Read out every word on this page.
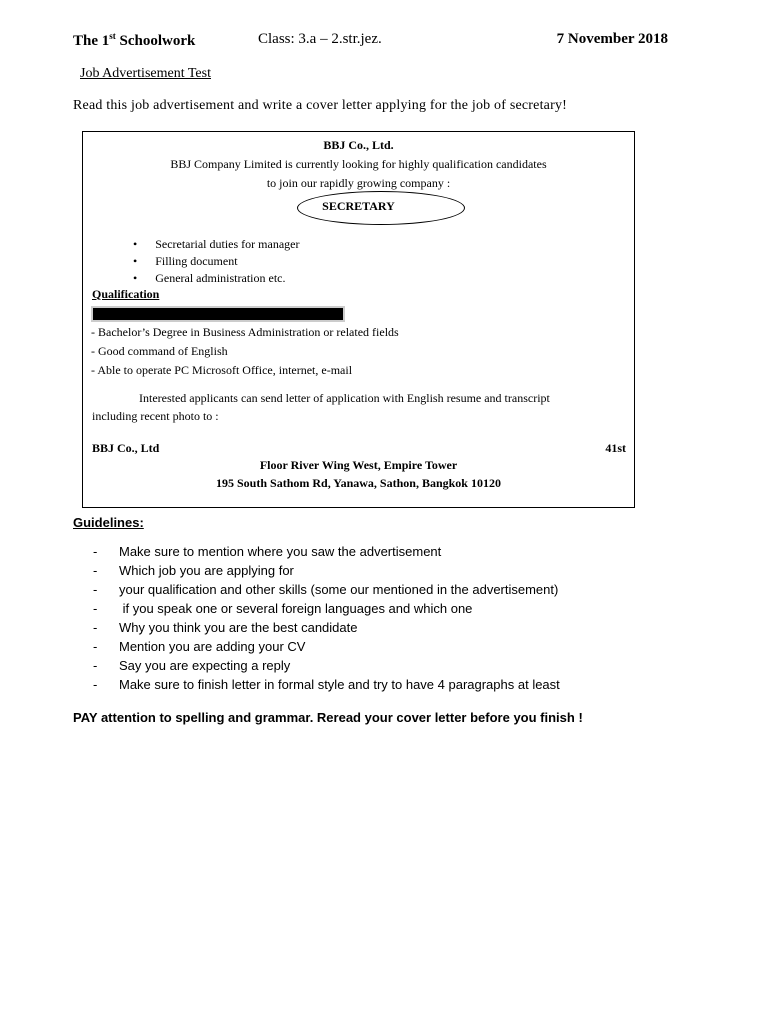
The 1st Schoolwork	Class: 3.a – 2.str.jez.	7 November 2018
Job Advertisement Test
Read this job advertisement and write a cover letter applying for the job of secretary!
BBJ Co., Ltd.
BBJ Company Limited is currently looking for highly qualification candidates
to join our rapidly growing company :
SECRETARY
•      Secretarial duties for manager
•      Filling document
•      General administration etc.
Qualification
- Bachelor’s Degree in Business Administration or related fields
- Good command of English
- Able to operate PC Microsoft Office, internet, e-mail
Interested applicants can send letter of application with English resume and transcript
including recent photo to :
BBJ Co., Ltd	41st
Floor River Wing West, Empire Tower
195 South Sathom Rd, Yanawa, Sathon, Bangkok 10120
Guidelines:
- Make sure to mention where you saw the advertisement
- Which job you are applying for
- your qualification and other skills (some our mentioned in the advertisement)
- if you speak one or several foreign languages and which one
- Why you think you are the best candidate
- Mention you are adding your CV
- Say you are expecting a reply
- Make sure to finish letter in formal style and try to have 4 paragraphs at least
PAY attention to spelling and grammar. Reread your cover letter before you finish !
